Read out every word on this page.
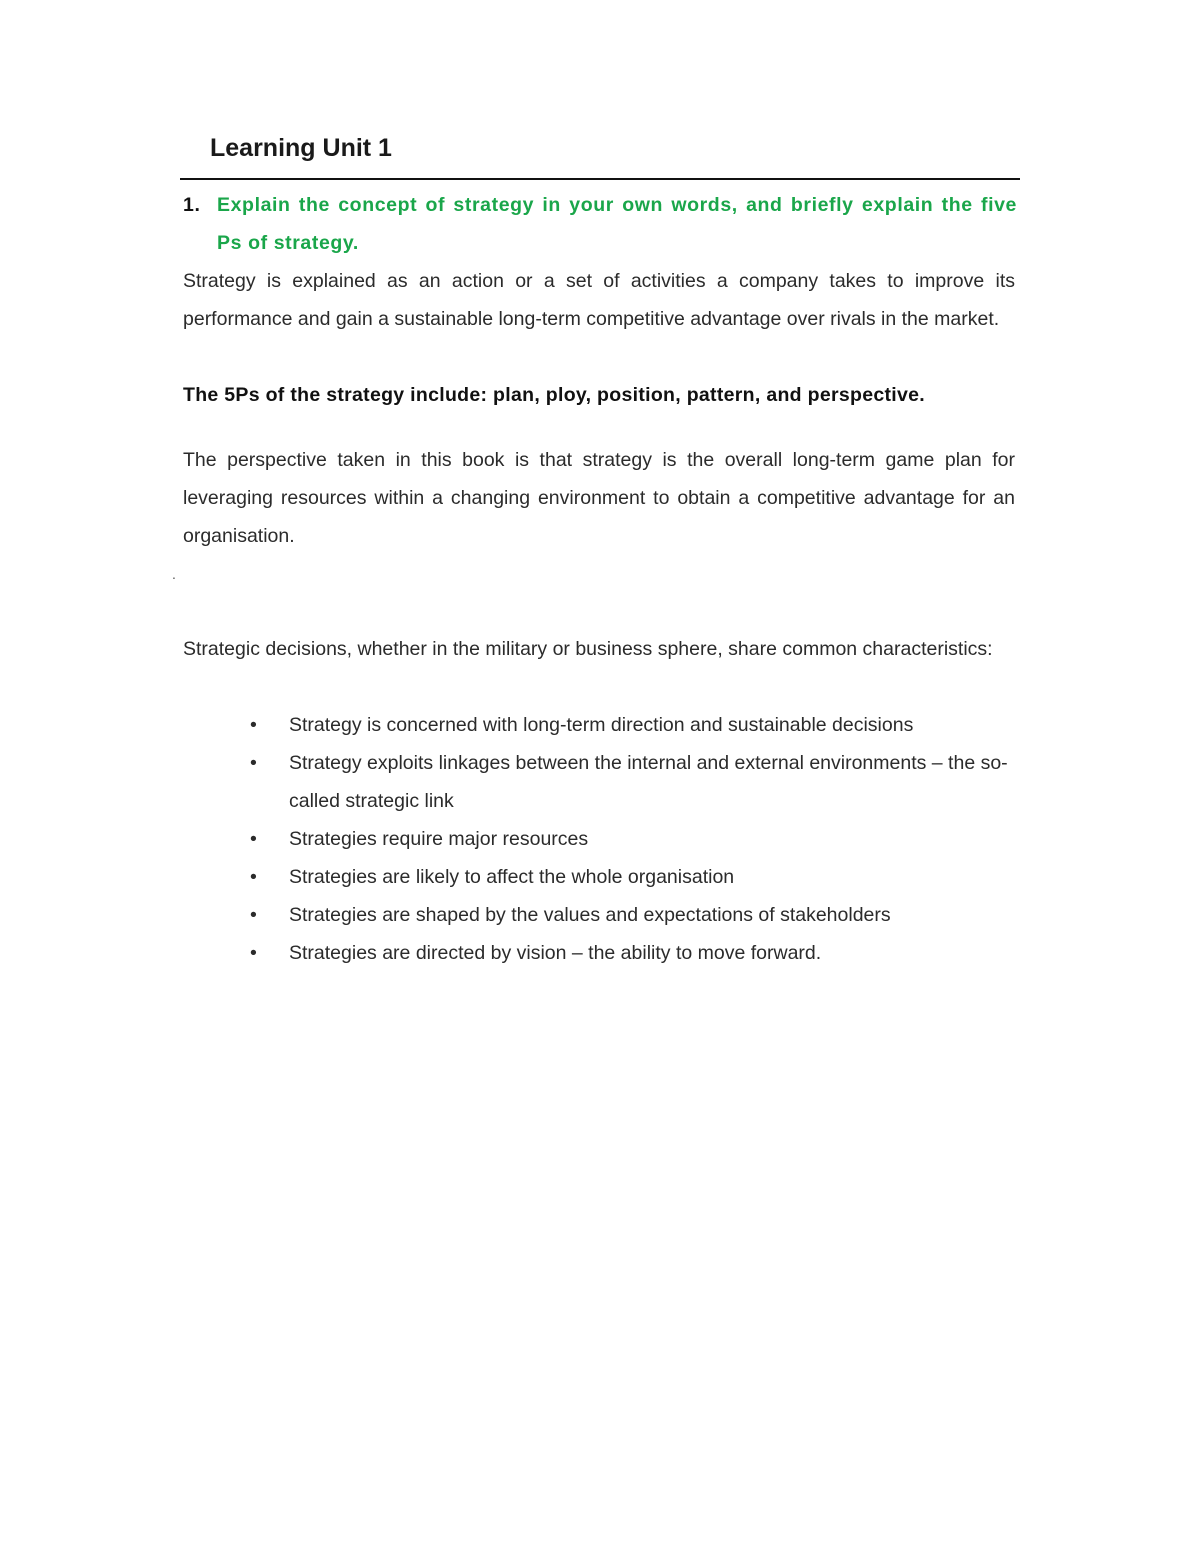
Learning Unit 1
1. Explain the concept of strategy in your own words, and briefly explain the five Ps of strategy.

Strategy is explained as an action or a set of activities a company takes to improve its performance and gain a sustainable long-term competitive advantage over rivals in the market.

The 5Ps of the strategy include: plan, ploy, position, pattern, and perspective.

The perspective taken in this book is that strategy is the overall long-term game plan for leveraging resources within a changing environment to obtain a competitive advantage for an organisation.

.

Strategic decisions, whether in the military or business sphere, share common characteristics:

• Strategy is concerned with long-term direction and sustainable decisions
• Strategy exploits linkages between the internal and external environments – the so-called strategic link
• Strategies require major resources
• Strategies are likely to affect the whole organisation
• Strategies are shaped by the values and expectations of stakeholders
• Strategies are directed by vision – the ability to move forward.
